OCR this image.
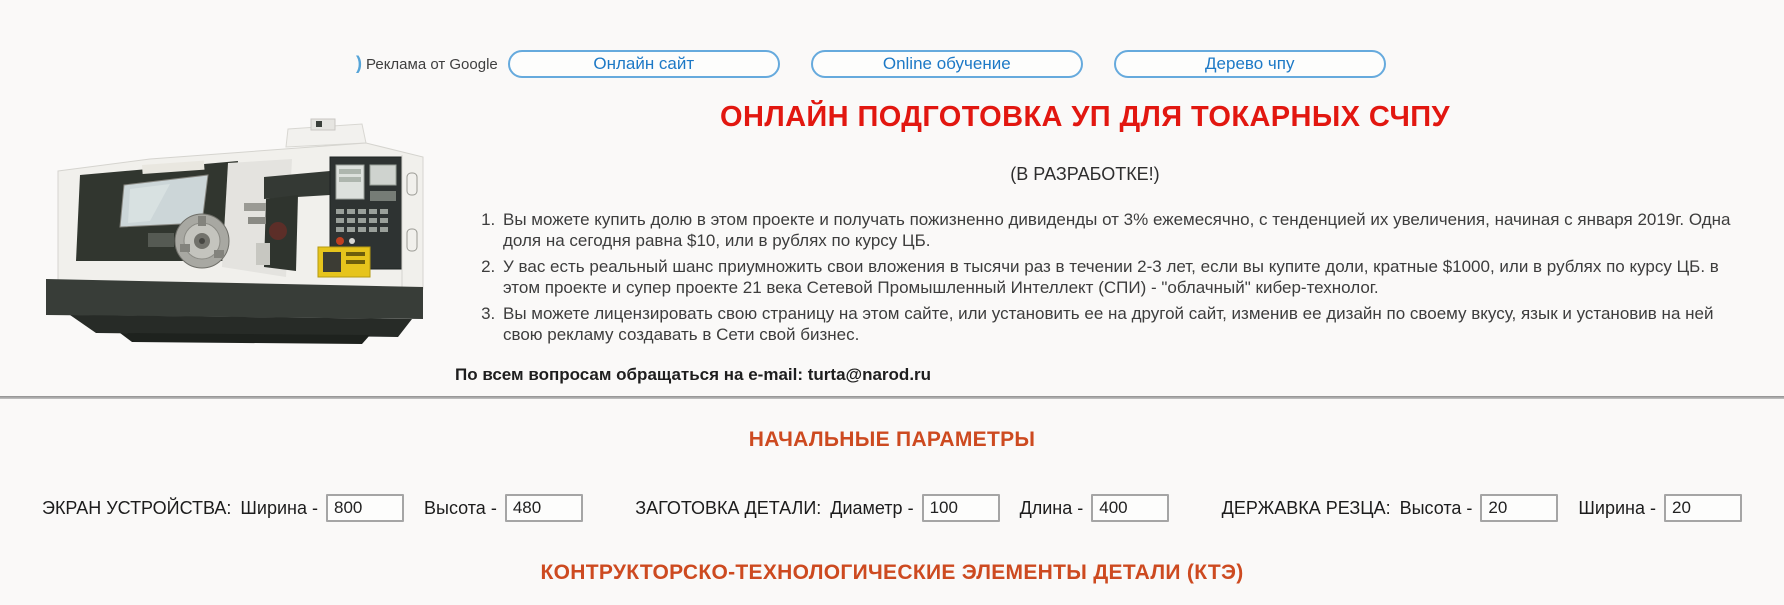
) Реклама от Google	Онлайн сайт	Online обучение	Дерево чпу
ОНЛАЙН ПОДГОТОВКА УП ДЛЯ ТОКАРНЫХ СЧПУ
(В РАЗРАБОТКЕ!)
1. Вы можете купить долю в этом проекте и получать пожизненно дивиденды от 3% ежемесячно, с тенденцией их увеличения, начиная с января 2019г. Одна доля на сегодня равна $10, или в рублях по курсу ЦБ.
2. У вас есть реальный шанс приумножить свои вложения в тысячи раз в течении 2-3 лет, если вы купите доли, кратные $1000, или в рублях по курсу ЦБ. в этом проекте и супер проекте 21 века Сетевой Промышленный Интеллект (СПИ) - "облачный" кибер-технолог.
3. Вы можете лицензировать свою страницу на этом сайте, или установить ее на другой сайт, изменив ее дизайн по своему вкусу, язык и установив на ней свою рекламу создавать в Сети свой бизнес.
По всем вопросам обращаться на e-mail: turta@narod.ru
НАЧАЛЬНЫЕ ПАРАМЕТРЫ
ЭКРАН УСТРОЙСТВА: Ширина -
800	Высота -
480	ЗАГОТОВКА ДЕТАЛИ: Диаметр -
100	Длина -
400	ДЕРЖАВКА РЕЗЦА: Высота -
20	Ширина -
20
КОНТРУКТОРСКО-ТЕХНОЛОГИЧЕСКИЕ ЭЛЕМЕНТЫ ДЕТАЛИ (КТЭ)
